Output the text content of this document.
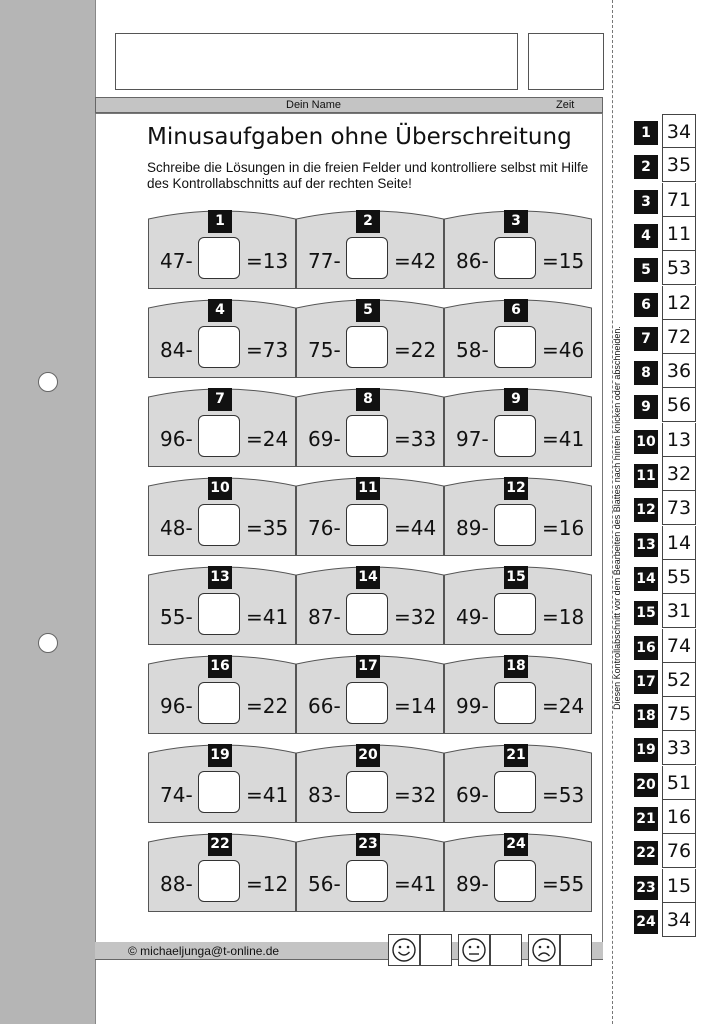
Dein Name	Zeit
Minusaufgaben ohne Überschreitung

Schreibe die Lösungen in die freien Felder und kontrolliere selbst mit Hilfe des Kontrollabschnitts auf der rechten Seite!

1
47-	=13
2
77-	=42
3
86-	=15
4
84-	=73
5
75-	=22
6
58-	=46
7
96-	=24
8
69-	=33
9
97-	=41
10
48-	=35
11
76-	=44
12
89-	=16
13
55-	=41
14
87-	=32
15
49-	=18
16
96-	=22
17
66-	=14
18
99-	=24
19
74-	=41
20
83-	=32
21
69-	=53
22
88-	=12
23
56-	=41
24
89-	=55
© michaeljunga@t-online.de
Diesen Kontrollabschnitt vor dem Bearbeiten des Blattes nach hinten knicken oder abschneiden.
1 34
2 35
3 71
4 11
5 53
6 12
7 72
8 36
9 56
10 13
11 32
12 73
13 14
14 55
15 31
16 74
17 52
18 75
19 33
20 51
21 16
22 76
23 15
24 34
